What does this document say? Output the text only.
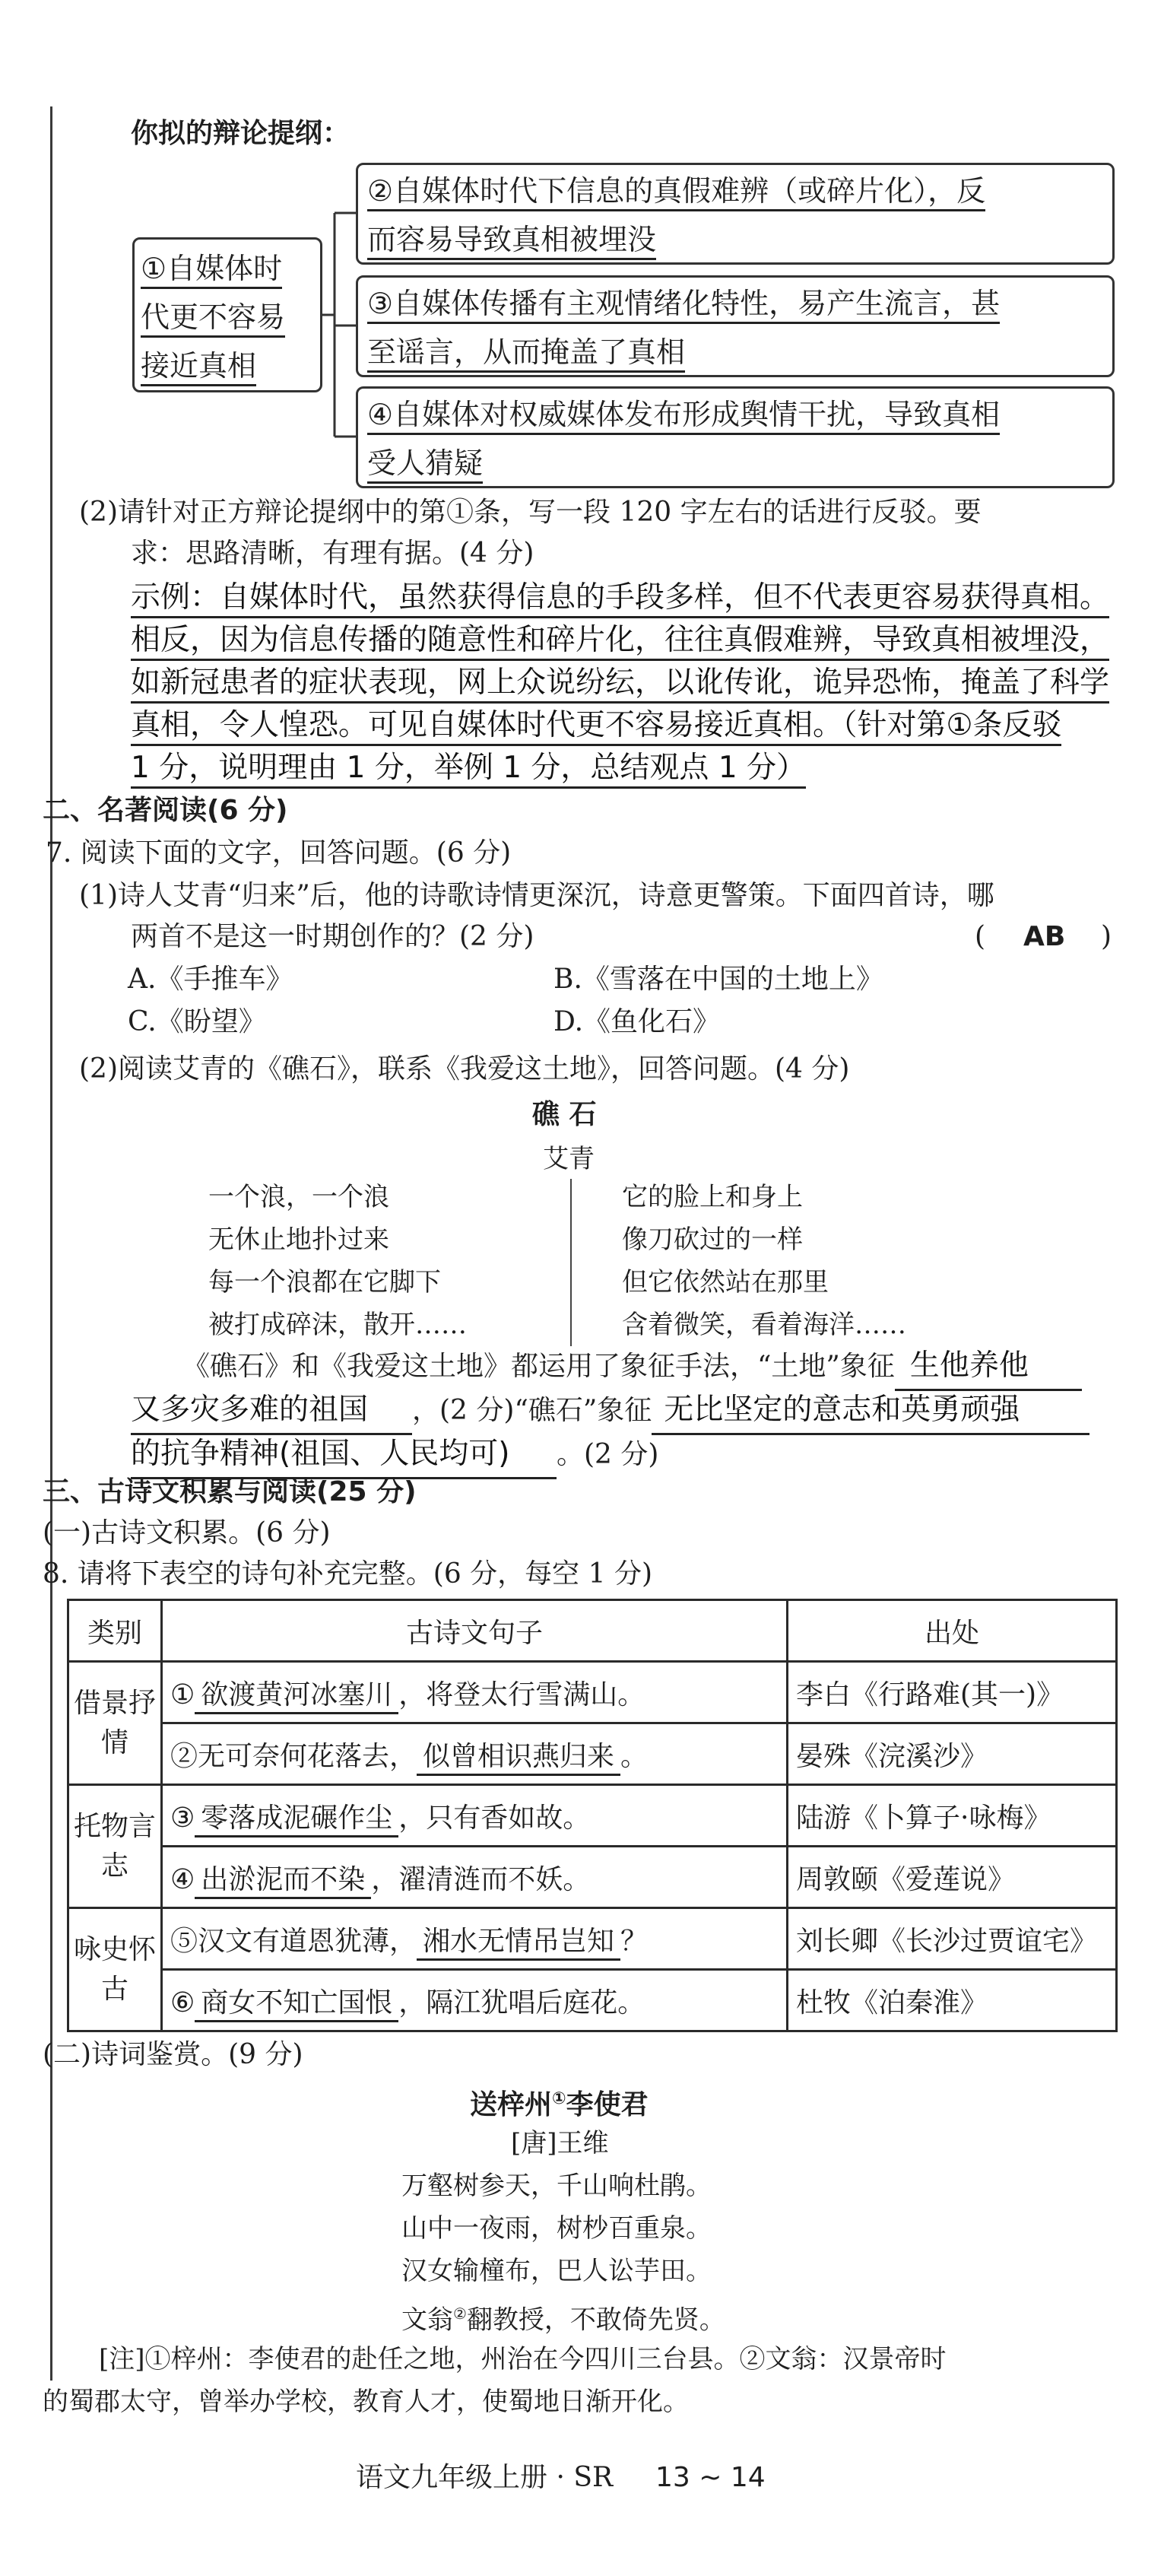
你拟的辩论提纲：
①自媒体时
代更不容易
接近真相
②自媒体时代下信息的真假难辨（或碎片化），反
而容易导致真相被埋没
③自媒体传播有主观情绪化特性，易产生流言，甚
至谣言，从而掩盖了真相
④自媒体对权威媒体发布形成舆情干扰，导致真相
受人猜疑
(2)请针对正方辩论提纲中的第①条，写一段 120 字左右的话进行反驳。要
求：思路清晰，有理有据。(4 分)
示例：自媒体时代，虽然获得信息的手段多样，但不代表更容易获得真相。
相反，因为信息传播的随意性和碎片化，往往真假难辨，导致真相被埋没，
如新冠患者的症状表现，网上众说纷纭，以讹传讹，诡异恐怖，掩盖了科学
真相，令人惶恐。可见自媒体时代更不容易接近真相。（针对第①条反驳
1 分，说明理由 1 分，举例 1 分，总结观点 1 分）
二、名著阅读(6 分)
7. 阅读下面的文字，回答问题。(6 分)
(1)诗人艾青“归来”后，他的诗歌诗情更深沉，诗意更警策。下面四首诗，哪
两首不是这一时期创作的？(2 分)	( AB )
A.《手推车》	B.《雪落在中国的土地上》
C.《盼望》	D.《鱼化石》
(2)阅读艾青的《礁石》，联系《我爱这土地》，回答问题。(4 分)
礁 石
艾青
一个浪，一个浪
无休止地扑过来
每一个浪都在它脚下
被打成碎沫，散开……
它的脸上和身上
像刀砍过的一样
但它依然站在那里
含着微笑，看着海洋……
《礁石》和《我爱这土地》都运用了象征手法，“土地”象征 生他养他
又多灾多难的祖国 ，(2 分)“礁石”象征 无比坚定的意志和英勇顽强
的抗争精神(祖国、人民均可) 。(2 分)
三、古诗文积累与阅读(25 分)
(一)古诗文积累。(6 分)
8. 请将下表空的诗句补充完整。(6 分，每空 1 分)
类别	古诗文句子	出处
借景抒情	① 欲渡黄河冰塞川 ，将登太行雪满山。	李白《行路难(其一)》
	②无可奈何花落去， 似曾相识燕归来 。	晏殊《浣溪沙》
托物言志	③ 零落成泥碾作尘 ，只有香如故。	陆游《卜算子·咏梅》
	④ 出淤泥而不染 ，濯清涟而不妖。	周敦颐《爱莲说》
咏史怀古	⑤汉文有道恩犹薄， 湘水无情吊岂知 ？	刘长卿《长沙过贾谊宅》
	⑥ 商女不知亡国恨 ，隔江犹唱后庭花。	杜牧《泊秦淮》
(二)诗词鉴赏。(9 分)
送梓州①李使君
[唐]王维
万壑树参天，千山响杜鹃。
山中一夜雨，树杪百重泉。
汉女输橦布，巴人讼芋田。
文翁②翻教授，不敢倚先贤。
[注]①梓州：李使君的赴任之地，州治在今四川三台县。②文翁：汉景帝时
的蜀郡太守，曾举办学校，教育人才，使蜀地日渐开化。
语文九年级上册 · SR 13 ~ 14
